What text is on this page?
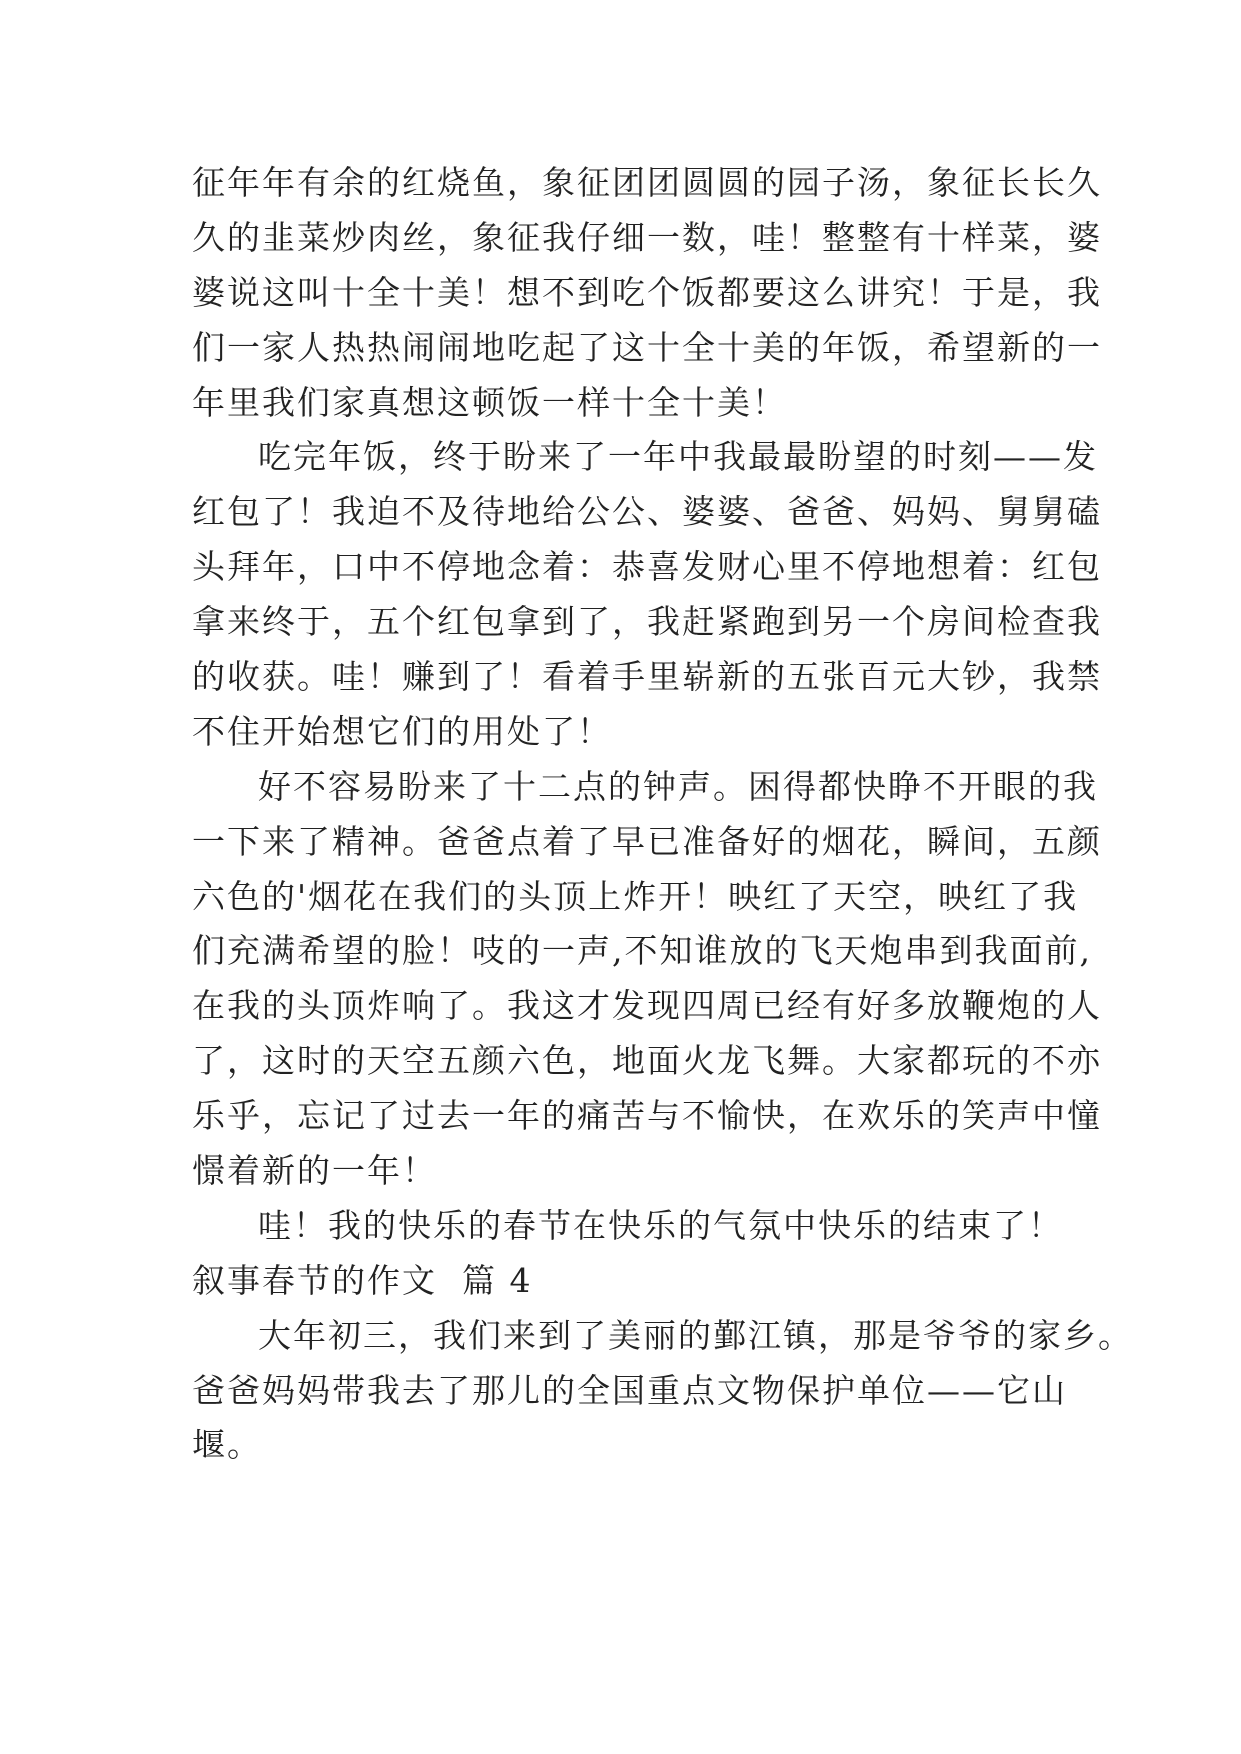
征年年有余的红烧鱼，象征团团圆圆的园子汤，象征长长久
久的韭菜炒肉丝，象征我仔细一数，哇！整整有十样菜，婆
婆说这叫十全十美！想不到吃个饭都要这么讲究！于是，我
们一家人热热闹闹地吃起了这十全十美的年饭，希望新的一
年里我们家真想这顿饭一样十全十美！
吃完年饭，终于盼来了一年中我最最盼望的时刻——发
红包了！我迫不及待地给公公、婆婆、爸爸、妈妈、舅舅磕
头拜年，口中不停地念着：恭喜发财心里不停地想着：红包
拿来终于，五个红包拿到了，我赶紧跑到另一个房间检查我
的收获。哇！赚到了！看着手里崭新的五张百元大钞，我禁
不住开始想它们的用处了！
好不容易盼来了十二点的钟声。困得都快睁不开眼的我
一下来了精神。爸爸点着了早已准备好的烟花，瞬间，五颜
六色的'烟花在我们的头顶上炸开！映红了天空，映红了我
们充满希望的脸！吱的一声,不知谁放的飞天炮串到我面前,
在我的头顶炸响了。我这才发现四周已经有好多放鞭炮的人
了，这时的天空五颜六色，地面火龙飞舞。大家都玩的不亦
乐乎，忘记了过去一年的痛苦与不愉快，在欢乐的笑声中憧
憬着新的一年！
哇！我的快乐的春节在快乐的气氛中快乐的结束了！
叙事春节的作文  篇 4
大年初三，我们来到了美丽的鄞江镇，那是爷爷的家乡。
爸爸妈妈带我去了那儿的全国重点文物保护单位——它山
堰。
